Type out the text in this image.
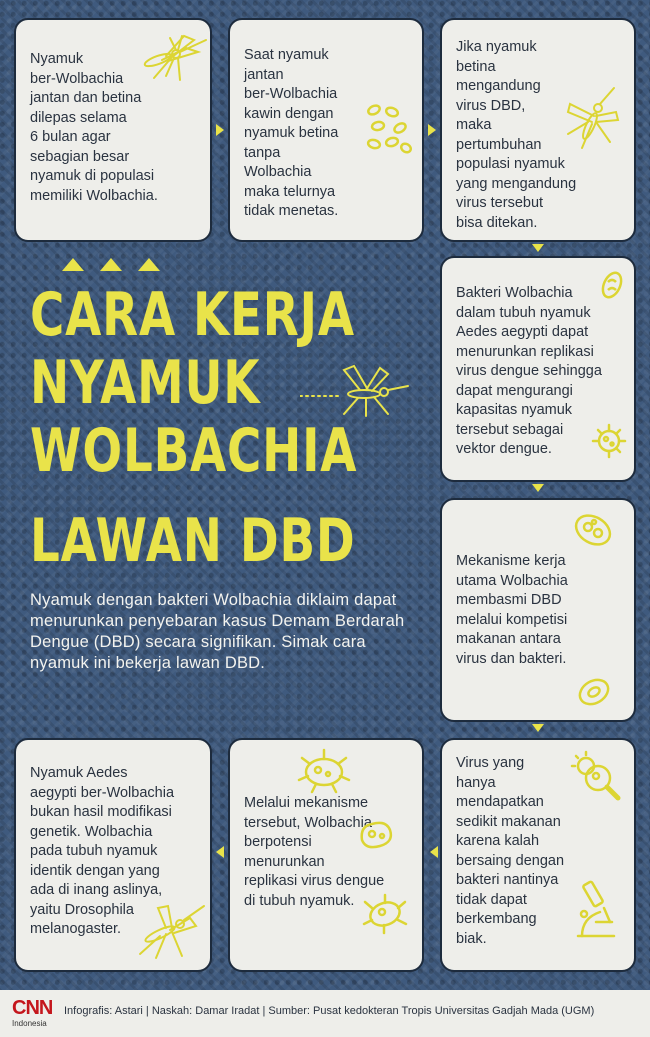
Nyamuk
ber-Wolbachia
jantan dan betina
dilepas selama
6 bulan agar
sebagian besar
nyamuk di populasi
memiliki Wolbachia.
Saat nyamuk
jantan
ber-Wolbachia
kawin dengan
nyamuk betina
tanpa
Wolbachia
maka telurnya
tidak menetas.
Jika nyamuk
betina
mengandung
virus DBD,
maka
pertumbuhan
populasi nyamuk
yang mengandung
virus tersebut
bisa ditekan.
CARA KERJA
NYAMUK
WOLBACHIA
LAWAN DBD
Nyamuk dengan bakteri Wolbachia diklaim dapat menurunkan penyebaran kasus Demam Berdarah Dengue (DBD) secara signifikan. Simak cara nyamuk ini bekerja lawan DBD.
Bakteri Wolbachia
dalam tubuh nyamuk
Aedes aegypti dapat
menurunkan replikasi
virus dengue sehingga
dapat mengurangi
kapasitas nyamuk
tersebut sebagai
vektor dengue.
Mekanisme kerja
utama Wolbachia
membasmi DBD
melalui kompetisi
makanan antara
virus dan bakteri.
Virus yang
hanya
mendapatkan
sedikit makanan
karena kalah
bersaing dengan
bakteri nantinya
tidak dapat
berkembang
biak.
Melalui mekanisme
tersebut, Wolbachia
berpotensi
menurunkan
replikasi virus dengue
di tubuh nyamuk.
Nyamuk Aedes
aegypti ber-Wolbachia
bukan hasil modifikasi
genetik. Wolbachia
pada tubuh nyamuk
identik dengan yang
ada di inang aslinya,
yaitu Drosophila
melanogaster.
CNN
Indonesia
Infografis: Astari | Naskah: Damar Iradat | Sumber: Pusat kedokteran Tropis Universitas Gadjah Mada (UGM)
